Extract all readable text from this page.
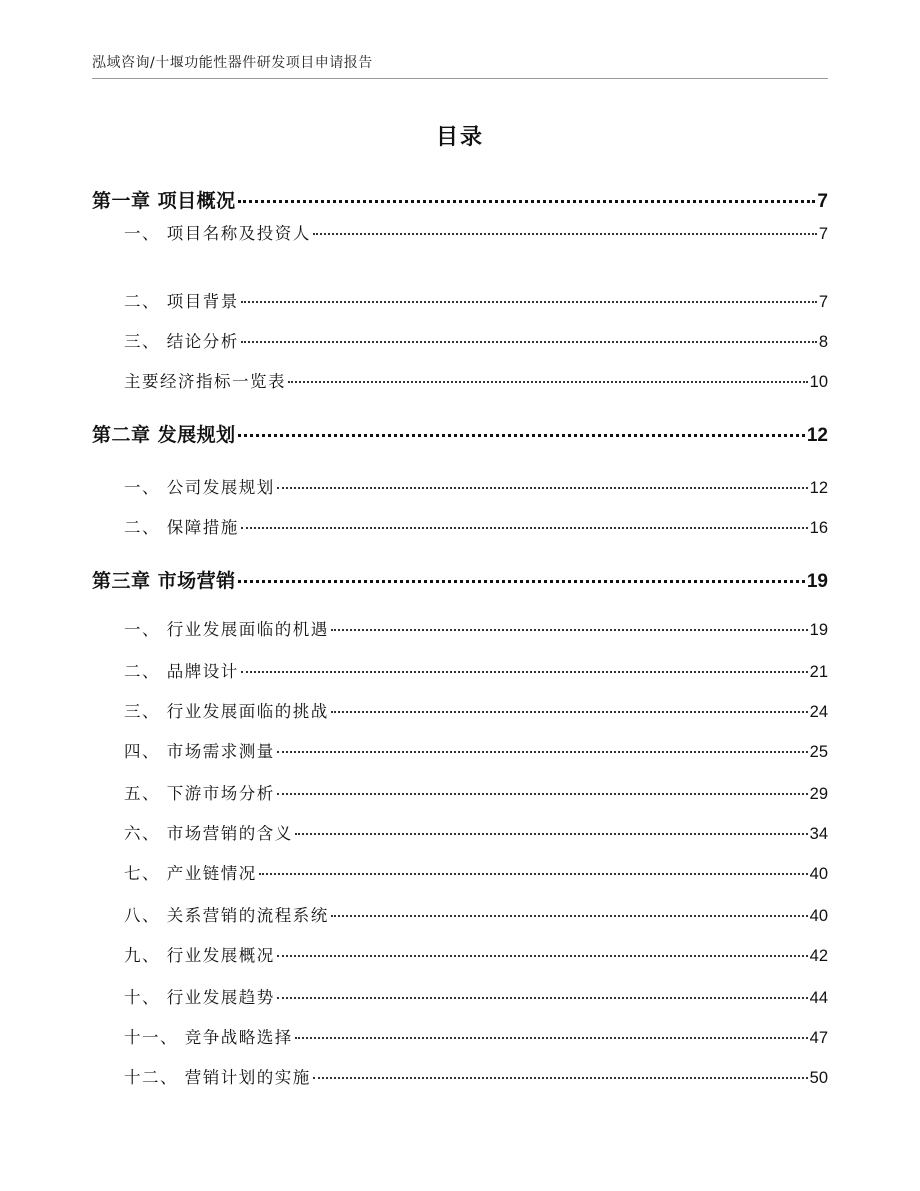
泓域咨询/十堰功能性器件研发项目申请报告
目录
第一章 项目概况	7
一、 项目名称及投资人	7
二、 项目背景	7
三、 结论分析	8
主要经济指标一览表	10
第二章 发展规划	12
一、 公司发展规划	12
二、 保障措施	16
第三章 市场营销	19
一、 行业发展面临的机遇	19
二、 品牌设计	21
三、 行业发展面临的挑战	24
四、 市场需求测量	25
五、 下游市场分析	29
六、 市场营销的含义	34
七、 产业链情况	40
八、 关系营销的流程系统	40
九、 行业发展概况	42
十、 行业发展趋势	44
十一、 竞争战略选择	47
十二、 营销计划的实施	50
